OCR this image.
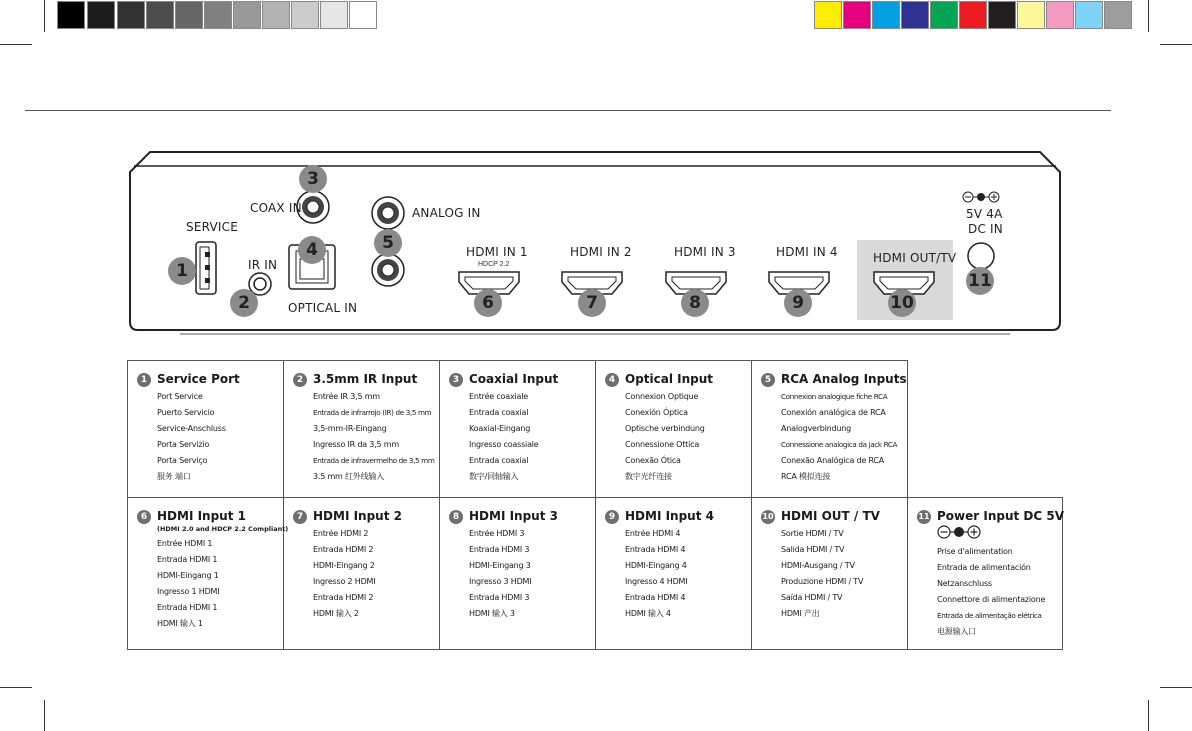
SERVICE
IR IN
COAX IN
OPTICAL IN
ANALOG IN
HDMI IN 1
HDCP 2.2
HDMI IN 2	HDMI IN 3	HDMI IN 4	HDMI OUT/TV
5V 4A
DC IN
1
2
3
4	5
6	7	8	9	10
11
1 Service Port
Port Service
Puerto Servicio
Service-Anschluss
Porta Servizio
Porta Serviço
服务 端口
2 3.5mm IR Input
Entrée IR 3,5 mm
Entrada de infrarrojo (IR) de 3,5 mm
3,5-mm-IR-Eingang
Ingresso IR da 3,5 mm
Entrada de infravermelho de 3,5 mm
3.5 mm 红外线输入
3 Coaxial Input
Entrée coaxiale
Entrada coaxial
Koaxial-Eingang
Ingresso coassiale
Entrada coaxial
数字/同轴输入
4 Optical Input
Connexion Optique
Conexión Óptica
Optische verbindung
Connessione Ottica
Conexão Ótica
数字光纤连接
5 RCA Analog Inputs
Connexion analogique fiche RCA
Conexión analógica de RCA
Analogverbindung
Connessione analogica da jack RCA
Conexão Analógica de RCA
RCA 模拟连接
6 HDMI Input 1
(HDMI 2.0 and HDCP 2.2 Compliant)
Entrée HDMI 1
Entrada HDMI 1
HDMI-Eingang 1
Ingresso 1 HDMI
Entrada HDMI 1
HDMI 输入 1
7 HDMI Input 2
Entrée HDMI 2
Entrada HDMI 2
HDMI-Eingang 2
Ingresso 2 HDMI
Entrada HDMI 2
HDMI 输入 2
8 HDMI Input 3
Entrée HDMI 3
Entrada HDMI 3
HDMI-Eingang 3
Ingresso 3 HDMI
Entrada HDMI 3
HDMI 输入 3
9 HDMI Input 4
Entrée HDMI 4
Entrada HDMI 4
HDMI-Eingang 4
Ingresso 4 HDMI
Entrada HDMI 4
HDMI 输入 4
10 HDMI OUT / TV
Sortie HDMI / TV
Salida HDMI / TV
HDMI-Ausgang / TV
Produzione HDMI / TV
Saída HDMI / TV
HDMI 产出
11 Power Input DC 5V
Prise d'alimentation
Entrada de alimentación
Netzanschluss
Connettore di alimentazione
Entrada de alimentação elétrica
电源输入口
